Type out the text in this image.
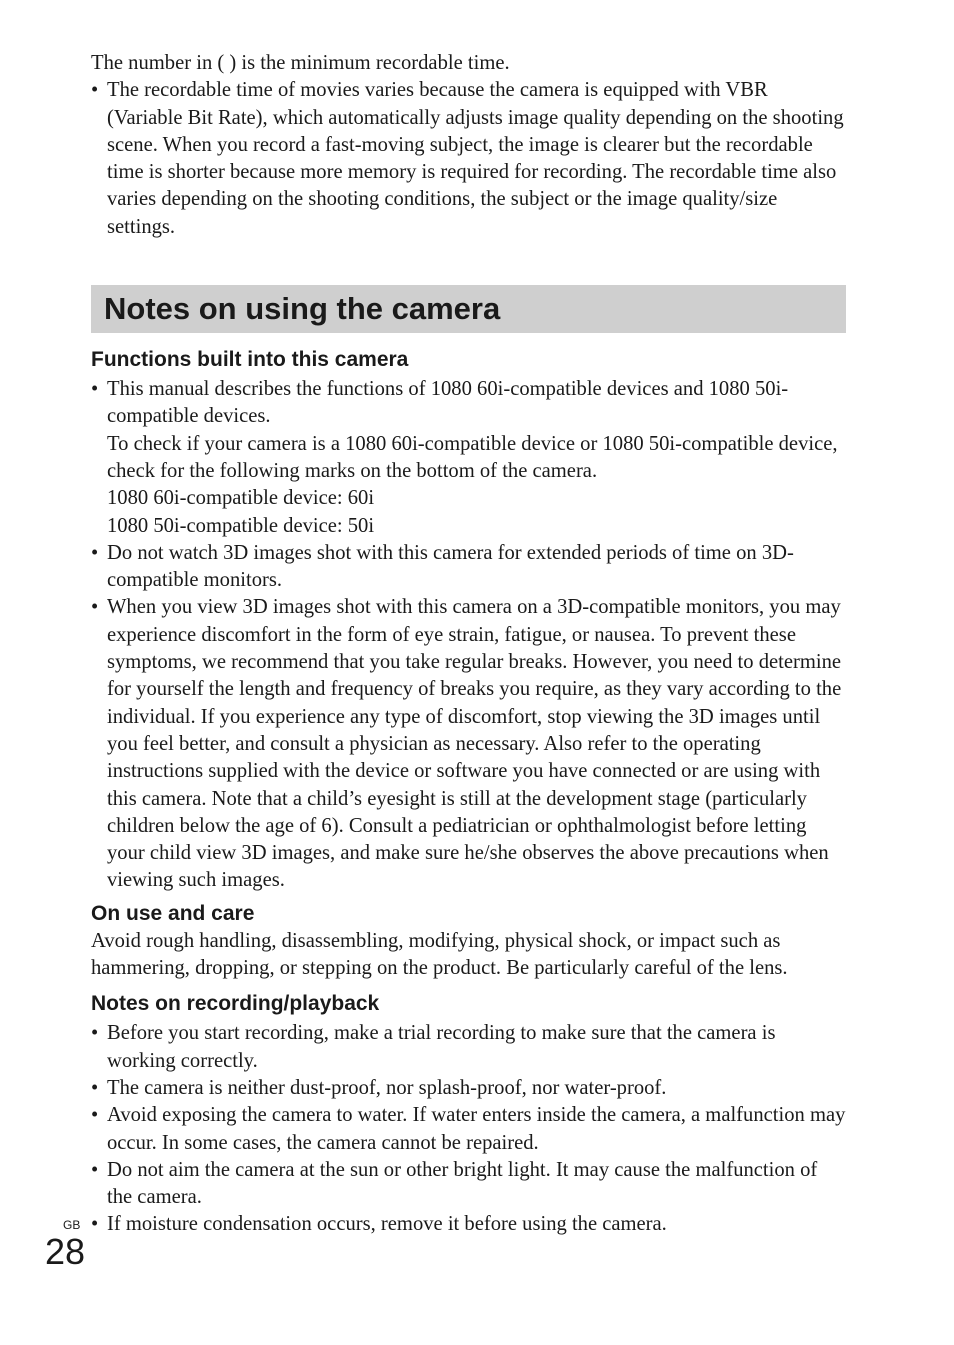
The number in ( ) is the minimum recordable time.

• The recordable time of movies varies because the camera is equipped with VBR (Variable Bit Rate), which automatically adjusts image quality depending on the shooting scene. When you record a fast-moving subject, the image is clearer but the recordable time is shorter because more memory is required for recording. The recordable time also varies depending on the shooting conditions, the subject or the image quality/size settings.
Notes on using the camera
Functions built into this camera
• This manual describes the functions of 1080 60i-compatible devices and 1080 50i-compatible devices.
To check if your camera is a 1080 60i-compatible device or 1080 50i-compatible device, check for the following marks on the bottom of the camera.
1080 60i-compatible device: 60i
1080 50i-compatible device: 50i
• Do not watch 3D images shot with this camera for extended periods of time on 3D-compatible monitors.
• When you view 3D images shot with this camera on a 3D-compatible monitors, you may experience discomfort in the form of eye strain, fatigue, or nausea. To prevent these symptoms, we recommend that you take regular breaks. However, you need to determine for yourself the length and frequency of breaks you require, as they vary according to the individual. If you experience any type of discomfort, stop viewing the 3D images until you feel better, and consult a physician as necessary. Also refer to the operating instructions supplied with the device or software you have connected or are using with this camera. Note that a child’s eyesight is still at the development stage (particularly children below the age of 6). Consult a pediatrician or ophthalmologist before letting your child view 3D images, and make sure he/she observes the above precautions when viewing such images.
On use and care

Avoid rough handling, disassembling, modifying, physical shock, or impact such as hammering, dropping, or stepping on the product. Be particularly careful of the lens.

Notes on recording/playback
• Before you start recording, make a trial recording to make sure that the camera is working correctly.
• The camera is neither dust-proof, nor splash-proof, nor water-proof.
• Avoid exposing the camera to water. If water enters inside the camera, a malfunction may occur. In some cases, the camera cannot be repaired.
• Do not aim the camera at the sun or other bright light. It may cause the malfunction of the camera.
• If moisture condensation occurs, remove it before using the camera.
GB
28
